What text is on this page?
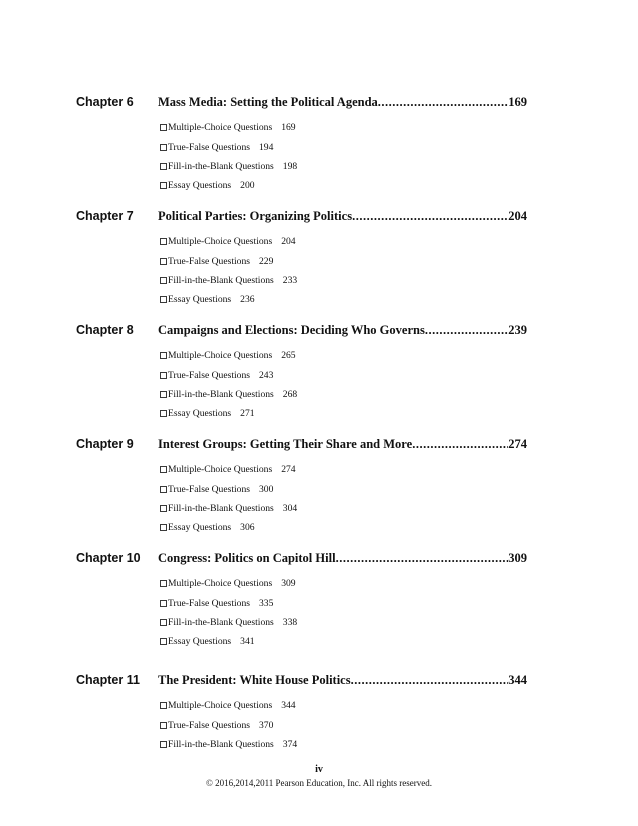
Chapter 6 Mass Media: Setting the Political Agenda .....	169
Multiple-Choice Questions 169
True-False Questions 194
Fill-in-the-Blank Questions 198
Essay Questions 200
Chapter 7 Political Parties: Organizing Politics .....	204
Multiple-Choice Questions 204
True-False Questions 229
Fill-in-the-Blank Questions 233
Essay Questions 236
Chapter 8 Campaigns and Elections: Deciding Who Governs .....	239
Multiple-Choice Questions 265
True-False Questions 243
Fill-in-the-Blank Questions 268
Essay Questions 271
Chapter 9 Interest Groups: Getting Their Share and More .....	274
Multiple-Choice Questions 274
True-False Questions 300
Fill-in-the-Blank Questions 304
Essay Questions 306
Chapter 10 Congress: Politics on Capitol Hill .....	309
Multiple-Choice Questions 309
True-False Questions 335
Fill-in-the-Blank Questions 338
Essay Questions 341
Chapter 11 The President: White House Politics .....	344
Multiple-Choice Questions 344
True-False Questions 370
Fill-in-the-Blank Questions 374
iv
© 2016,2014,2011 Pearson Education, Inc. All rights reserved.
